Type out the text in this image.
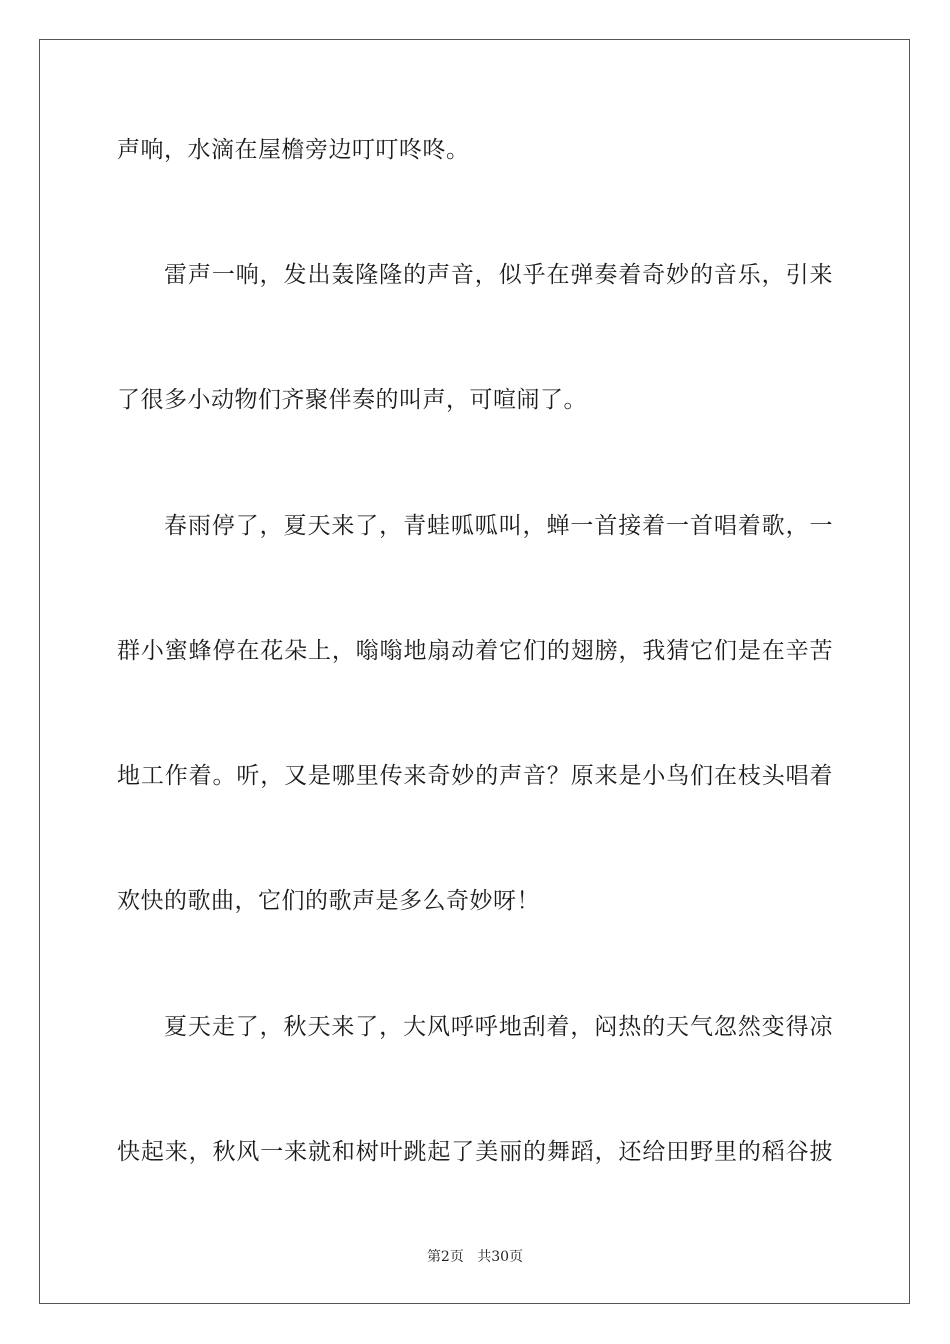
声响，水滴在屋檐旁边叮叮咚咚。
雷声一响，发出轰隆隆的声音，似乎在弹奏着奇妙的音乐，引来
了很多小动物们齐聚伴奏的叫声，可喧闹了。
春雨停了，夏天来了，青蛙呱呱叫，蝉一首接着一首唱着歌，一
群小蜜蜂停在花朵上，嗡嗡地扇动着它们的翅膀，我猜它们是在辛苦
地工作着。听，又是哪里传来奇妙的声音？原来是小鸟们在枝头唱着
欢快的歌曲，它们的歌声是多么奇妙呀！
夏天走了，秋天来了，大风呼呼地刮着，闷热的天气忽然变得凉
快起来，秋风一来就和树叶跳起了美丽的舞蹈，还给田野里的稻谷披
第2页 共30页
